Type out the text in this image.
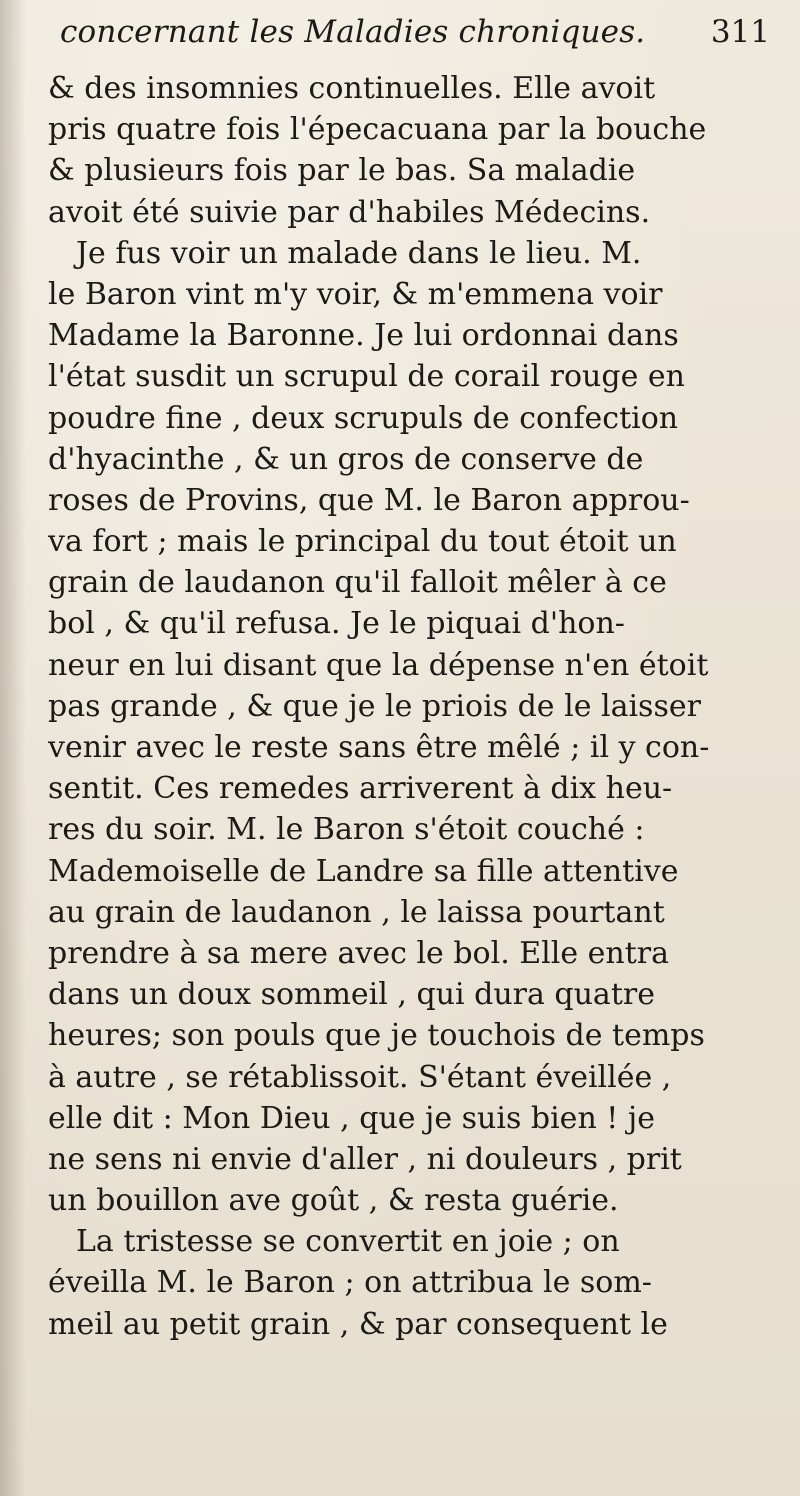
concernant les Maladies chroniques. 311
& des insomnies continuelles. Elle avoit
pris quatre fois l'épecacuana par la bouche
& plusieurs fois par le bas. Sa maladie
avoit été suivie par d'habiles Médecins.
Je fus voir un malade dans le lieu. M.
le Baron vint m'y voir, & m'emmena voir
Madame la Baronne. Je lui ordonnai dans
l'état susdit un scrupul de corail rouge en
poudre fine , deux scrupuls de confection
d'hyacinthe , & un gros de conserve de
roses de Provins, que M. le Baron approu-
va fort ; mais le principal du tout étoit un
grain de laudanon qu'il falloit mêler à ce
bol , & qu'il refusa. Je le piquai d'hon-
neur en lui disant que la dépense n'en étoit
pas grande , & que je le priois de le laisser
venir avec le reste sans être mêlé ; il y con-
sentit. Ces remedes arriverent à dix heu-
res du soir. M. le Baron s'étoit couché :
Mademoiselle de Landre sa fille attentive
au grain de laudanon , le laissa pourtant
prendre à sa mere avec le bol. Elle entra
dans un doux sommeil , qui dura quatre
heures; son pouls que je touchois de temps
à autre , se rétablissoit. S'étant éveillée ,
elle dit : Mon Dieu , que je suis bien ! je
ne sens ni envie d'aller , ni douleurs , prit
un bouillon ave goût , & resta guérie.
La tristesse se convertit en joie ; on
éveilla M. le Baron ; on attribua le som-
meil au petit grain , & par consequent le
